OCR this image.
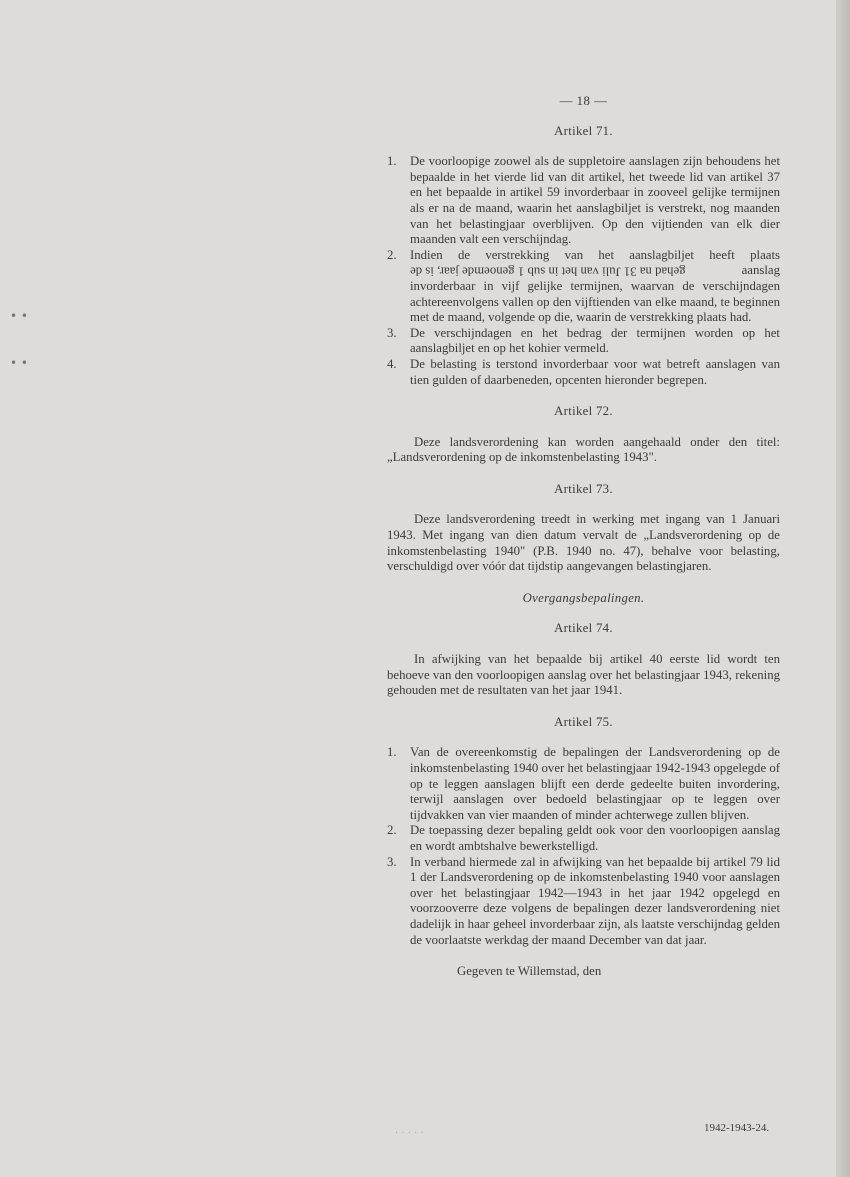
• •
• •
— 18 —
Artikel 71.
1.	De voorloopige zoowel als de suppletoire aanslagen zijn behoudens het bepaalde in het vierde lid van dit artikel, het tweede lid van artikel 37 en het bepaalde in artikel 59 invorderbaar in zooveel gelijke termijnen als er na de maand, waarin het aanslagbiljet is verstrekt, nog maanden van het belastingjaar overblijven. Op den vijtienden van elk dier maanden valt een verschijndag.
2.	Indien de verstrekking van het aanslagbiljet heeft plaats gehad na 31 Juli van het in sub 1 genoemde jaar, is de	aanslag invorderbaar in vijf gelijke termijnen, waarvan de verschijndagen achtereenvolgens vallen op den vijftienden van elke maand, te beginnen met de maand, volgende op die, waarin de verstrekking plaats had.
3.	De verschijndagen en het bedrag der termijnen worden op het aanslagbiljet en op het kohier vermeld.
4.	De belasting is terstond invorderbaar voor wat betreft aanslagen van tien gulden of daarbeneden, opcenten hieronder begrepen.
Artikel 72.

Deze landsverordening kan worden aangehaald onder den titel: „Landsverordening op de inkomstenbelasting 1943".

Artikel 73.

Deze landsverordening treedt in werking met ingang van 1 Januari 1943. Met ingang van dien datum vervalt de „Landsverordening op de inkomstenbelasting 1940" (P.B. 1940 no. 47), behalve voor belasting, verschuldigd over vóór dat tijdstip aangevangen belastingjaren.

Overgangsbepalingen.
Artikel 74.

In afwijking van het bepaalde bij artikel 40 eerste lid wordt ten behoeve van den voorloopigen aanslag over het belastingjaar 1943, rekening gehouden met de resultaten van het jaar 1941.

Artikel 75.
1.	Van de overeenkomstig de bepalingen der Landsverordening op de inkomstenbelasting 1940 over het belastingjaar 1942-1943 opgelegde of op te leggen aanslagen blijft een derde gedeelte buiten invordering, terwijl aanslagen over bedoeld belastingjaar op te leggen over tijdvakken van vier maanden of minder achterwege zullen blijven.
2.	De toepassing dezer bepaling geldt ook voor den voorloopigen aanslag en wordt ambtshalve bewerkstelligd.
3.	In verband hiermede zal in afwijking van het bepaalde bij artikel 79 lid 1 der Landsverordening op de inkomstenbelasting 1940 voor aanslagen over het belastingjaar 1942—1943 in het jaar 1942 opgelegd en voorzooverre deze volgens de bepalingen dezer landsverordening niet dadelijk in haar geheel invorderbaar zijn, als laatste verschijndag gelden de voorlaatste werkdag der maand December van dat jaar.
Gegeven te Willemstad, den
· · · · ·	1942-1943-24.
